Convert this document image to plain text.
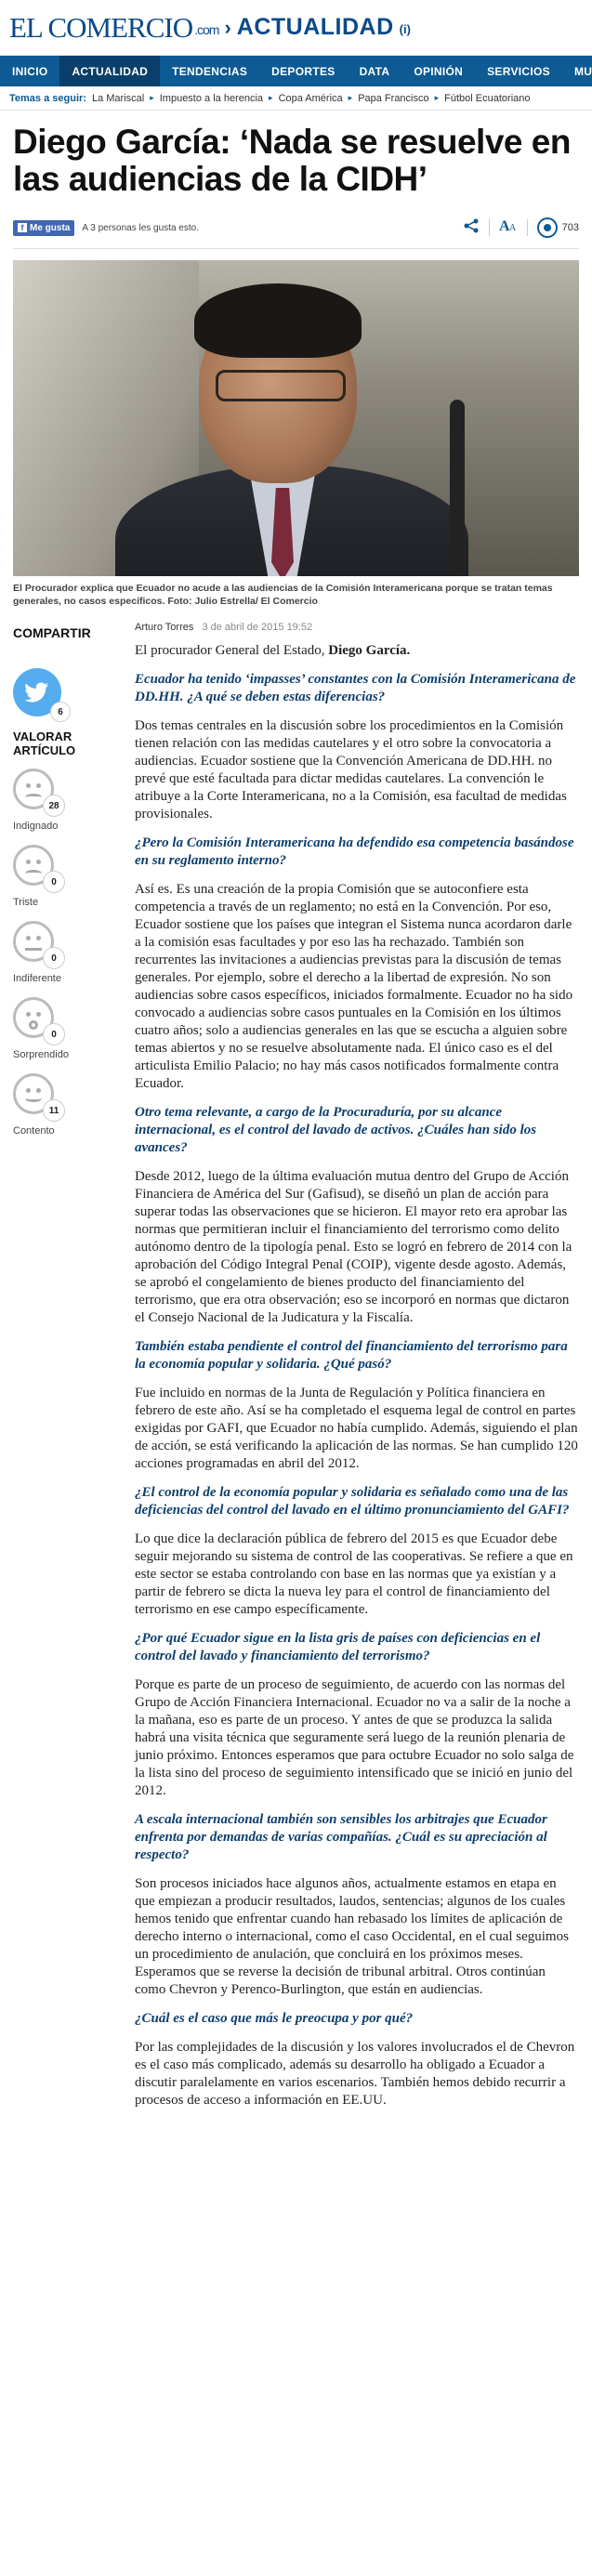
EL COMERCIO .com › ACTUALIDAD (i)
INICIO	ACTUALIDAD	TENDENCIAS	DEPORTES	DATA	OPINIÓN	SERVICIOS	MU
Temas a seguir: La Mariscal ▸ Impuesto a la herencia ▸ Copa América ▸ Papa Francisco ▸ Fútbol Ecuatoriano
Diego García: ‘Nada se resuelve en las audiencias de la CIDH’
f Me gusta A 3 personas les gusta esto.	A A	703

El Procurador explica que Ecuador no acude a las audiencias de la Comisión Interamericana porque se tratan temas generales, no casos específicos. Foto: Julio Estrella/ El Comercio

COMPARTIR
6
VALORAR ARTÍCULO
28
Indignado
0
Triste
0
Indiferente
0
Sorprendido
11
Contento
Arturo Torres 3 de abril de 2015 19:52

El procurador General del Estado, Diego García.

Ecuador ha tenido ‘impasses’ constantes con la Comisión Interamericana de DD.HH. ¿A qué se deben estas diferencias?

Dos temas centrales en la discusión sobre los procedimientos en la Comisión tienen relación con las medidas cautelares y el otro sobre la convocatoria a audiencias. Ecuador sostiene que la Convención Americana de DD.HH. no prevé que esté facultada para dictar medidas cautelares. La convención le atribuye a la Corte Interamericana, no a la Comisión, esa facultad de medidas provisionales.

¿Pero la Comisión Interamericana ha defendido esa competencia basándose en su reglamento interno?

Así es. Es una creación de la propia Comisión que se autoconfiere esta competencia a través de un reglamento; no está en la Convención. Por eso, Ecuador sostiene que los países que integran el Sistema nunca acordaron darle a la comisión esas facultades y por eso las ha rechazado. También son recurrentes las invitaciones a audiencias previstas para la discusión de temas generales. Por ejemplo, sobre el derecho a la libertad de expresión. No son audiencias sobre casos específicos, iniciados formalmente. Ecuador no ha sido convocado a audiencias sobre casos puntuales en la Comisión en los últimos cuatro años; solo a audiencias generales en las que se escucha a alguien sobre temas abiertos y no se resuelve absolutamente nada. El único caso es el del articulista Emilio Palacio; no hay más casos notificados formalmente contra Ecuador.

Otro tema relevante, a cargo de la Procuraduría, por su alcance internacional, es el control del lavado de activos. ¿Cuáles han sido los avances?

Desde 2012, luego de la última evaluación mutua dentro del Grupo de Acción Financiera de América del Sur (Gafisud), se diseñó un plan de acción para superar todas las observaciones que se hicieron. El mayor reto era aprobar las normas que permitieran incluir el financiamiento del terrorismo como delito autónomo dentro de la tipología penal. Esto se logró en febrero de 2014 con la aprobación del Código Integral Penal (COIP), vigente desde agosto. Además, se aprobó el congelamiento de bienes producto del financiamiento del terrorismo, que era otra observación; eso se incorporó en normas que dictaron el Consejo Nacional de la Judicatura y la Fiscalía.

También estaba pendiente el control del financiamiento del terrorismo para la economía popular y solidaria. ¿Qué pasó?

Fue incluido en normas de la Junta de Regulación y Política financiera en febrero de este año. Así se ha completado el esquema legal de control en partes exigidas por GAFI, que Ecuador no había cumplido. Además, siguiendo el plan de acción, se está verificando la aplicación de las normas. Se han cumplido 120 acciones programadas en abril del 2012.

¿El control de la economía popular y solidaria es señalado como una de las deficiencias del control del lavado en el último pronunciamiento del GAFI?

Lo que dice la declaración pública de febrero del 2015 es que Ecuador debe seguir mejorando su sistema de control de las cooperativas. Se refiere a que en este sector se estaba controlando con base en las normas que ya existían y a partir de febrero se dicta la nueva ley para el control de financiamiento del terrorismo en ese campo específicamente.

¿Por qué Ecuador sigue en la lista gris de países con deficiencias en el control del lavado y financiamiento del terrorismo?

Porque es parte de un proceso de seguimiento, de acuerdo con las normas del Grupo de Acción Financiera Internacional. Ecuador no va a salir de la noche a la mañana, eso es parte de un proceso. Y antes de que se produzca la salida habrá una visita técnica que seguramente será luego de la reunión plenaria de junio próximo. Entonces esperamos que para octubre Ecuador no solo salga de la lista sino del proceso de seguimiento intensificado que se inició en junio del 2012.

A escala internacional también son sensibles los arbitrajes que Ecuador enfrenta por demandas de varias compañías. ¿Cuál es su apreciación al respecto?

Son procesos iniciados hace algunos años, actualmente estamos en etapa en que empiezan a producir resultados, laudos, sentencias; algunos de los cuales hemos tenido que enfrentar cuando han rebasado los límites de aplicación de derecho interno o internacional, como el caso Occidental, en el cual seguimos un procedimiento de anulación, que concluirá en los próximos meses. Esperamos que se reverse la decisión de tribunal arbitral. Otros continúan como Chevron y Perenco-Burlington, que están en audiencias.

¿Cuál es el caso que más le preocupa y por qué?

Por las complejidades de la discusión y los valores involucrados el de Chevron es el caso más complicado, además su desarrollo ha obligado a Ecuador a discutir paralelamente en varios escenarios. También hemos debido recurrir a procesos de acceso a información en EE.UU.
